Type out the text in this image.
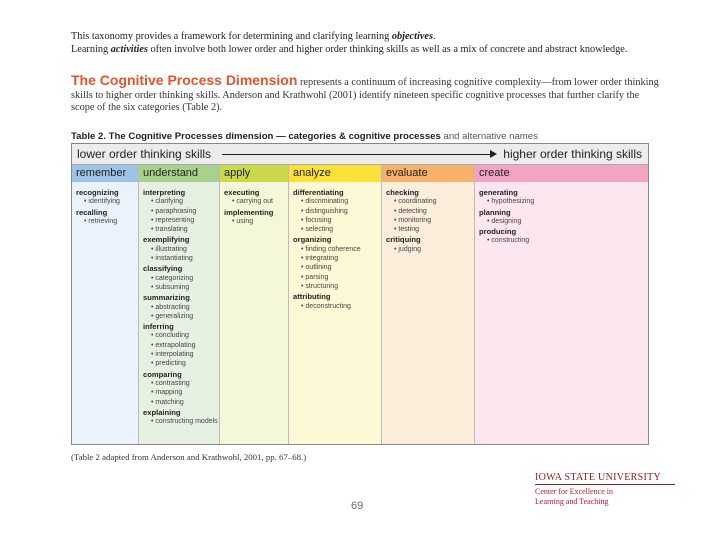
This taxonomy provides a framework for determining and clarifying learning objectives.

Learning activities often involve both lower order and higher order thinking skills as well as a mix of concrete and abstract knowledge.

The Cognitive Process Dimension represents a continuum of increasing cognitive complexity—from lower order thinking skills to higher order thinking skills. Anderson and Krathwohl (2001) identify nineteen specific cognitive processes that further clarify the scope of the six categories (Table 2).
Table 2. The Cognitive Processes dimension — categories & cognitive processes and alternative names
lower order thinking skills	higher order thinking skills
remember
recognizing
• identifying
recalling
• retrieving
understand
interpreting
• clarifying
• paraphrasing
• representing
• translating
exemplifying
• illustrating
• instantiating
classifying
• categorizing
• subsuming
summarizing
• abstracting
• generalizing
inferring
• concluding
• extrapolating
• interpolating
• predicting
comparing
• contrasting
• mapping
• matching
explaining
• constructing models
apply
executing
• carrying out
implementing
• using
analyze
differentiating
• discriminating
• distinguishing
• focusing
• selecting
organizing
• finding coherence
• integrating
• outlining
• parsing
• structuring
attributing
• deconstructing
evaluate
checking
• coordinating
• detecting
• monitoring
• testing
critiquing
• judging
create
generating
• hypothesizing
planning
• designing
producing
• constructing
(Table 2 adapted from Anderson and Krathwohl, 2001, pp. 67–68.)
69
IOWA STATE UNIVERSITY
Center for Excellence in
Learning and Teaching
